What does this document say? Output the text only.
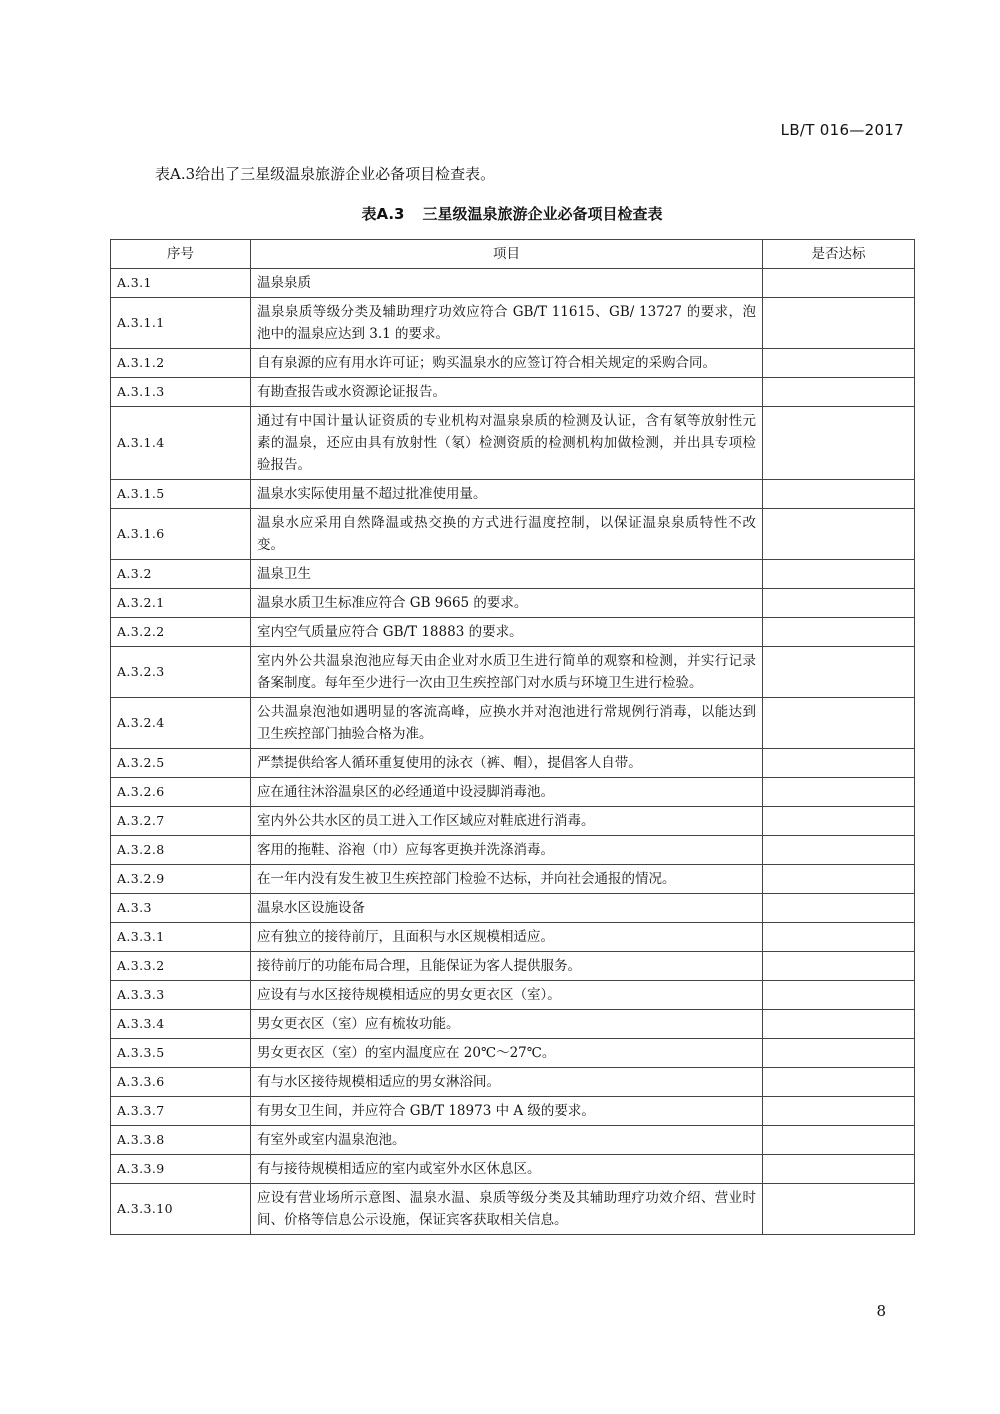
LB/T 016—2017
表A.3给出了三星级温泉旅游企业必备项目检查表。
表A.3 三星级温泉旅游企业必备项目检查表
序号	项目	是否达标
A.3.1	温泉泉质	
A.3.1.1	温泉泉质等级分类及辅助理疗功效应符合 GB/T 11615、GB/ 13727 的要求，泡池中的温泉应达到 3.1 的要求。	
A.3.1.2	自有泉源的应有用水许可证；购买温泉水的应签订符合相关规定的采购合同。	
A.3.1.3	有勘查报告或水资源论证报告。	
A.3.1.4	通过有中国计量认证资质的专业机构对温泉泉质的检测及认证，含有氡等放射性元素的温泉，还应由具有放射性（氡）检测资质的检测机构加做检测，并出具专项检验报告。	
A.3.1.5	温泉水实际使用量不超过批准使用量。	
A.3.1.6	温泉水应采用自然降温或热交换的方式进行温度控制，以保证温泉泉质特性不改变。	
A.3.2	温泉卫生	
A.3.2.1	温泉水质卫生标准应符合 GB 9665 的要求。	
A.3.2.2	室内空气质量应符合 GB/T 18883 的要求。	
A.3.2.3	室内外公共温泉泡池应每天由企业对水质卫生进行简单的观察和检测，并实行记录备案制度。每年至少进行一次由卫生疾控部门对水质与环境卫生进行检验。	
A.3.2.4	公共温泉泡池如遇明显的客流高峰，应换水并对泡池进行常规例行消毒，以能达到卫生疾控部门抽验合格为准。	
A.3.2.5	严禁提供给客人循环重复使用的泳衣（裤、帽），提倡客人自带。	
A.3.2.6	应在通往沐浴温泉区的必经通道中设浸脚消毒池。	
A.3.2.7	室内外公共水区的员工进入工作区域应对鞋底进行消毒。	
A.3.2.8	客用的拖鞋、浴袍（巾）应每客更换并洗涤消毒。	
A.3.2.9	在一年内没有发生被卫生疾控部门检验不达标，并向社会通报的情况。	
A.3.3	温泉水区设施设备	
A.3.3.1	应有独立的接待前厅，且面积与水区规模相适应。	
A.3.3.2	接待前厅的功能布局合理，且能保证为客人提供服务。	
A.3.3.3	应设有与水区接待规模相适应的男女更衣区（室）。	
A.3.3.4	男女更衣区（室）应有梳妆功能。	
A.3.3.5	男女更衣区（室）的室内温度应在 20℃～27℃。	
A.3.3.6	有与水区接待规模相适应的男女淋浴间。	
A.3.3.7	有男女卫生间，并应符合 GB/T 18973 中 A 级的要求。	
A.3.3.8	有室外或室内温泉泡池。	
A.3.3.9	有与接待规模相适应的室内或室外水区休息区。	
A.3.3.10	应设有营业场所示意图、温泉水温、泉质等级分类及其辅助理疗功效介绍、营业时间、价格等信息公示设施，保证宾客获取相关信息。	
8
